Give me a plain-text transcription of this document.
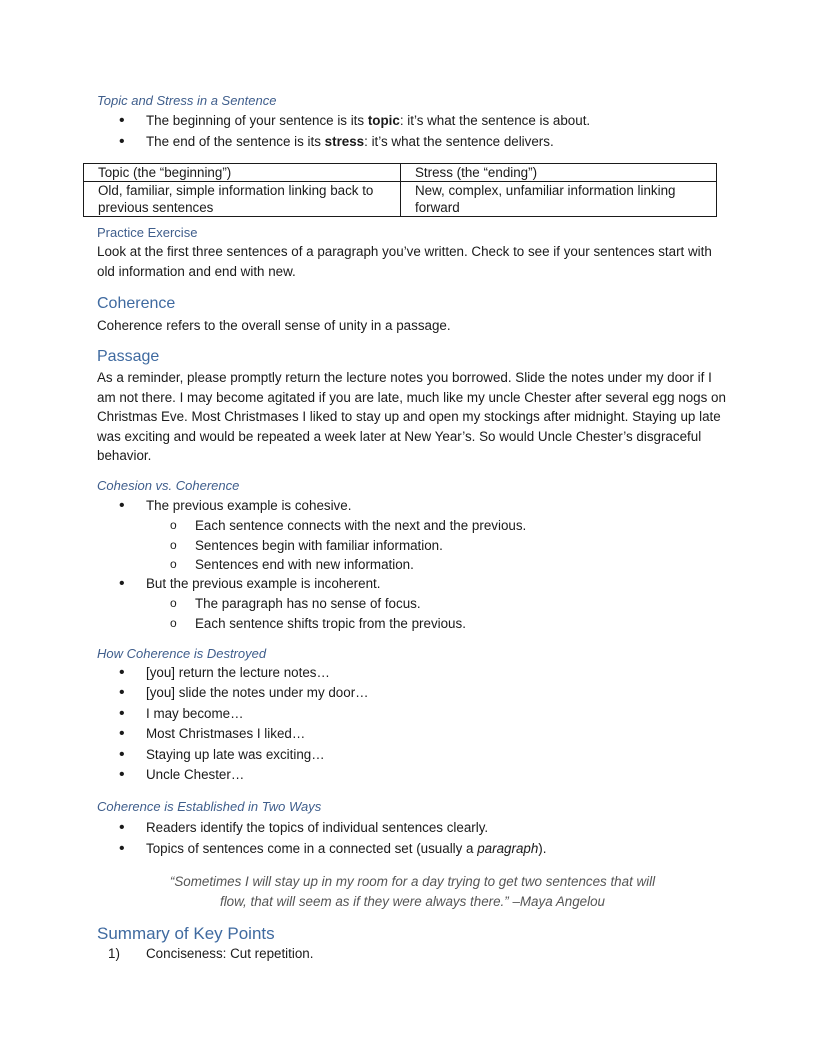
Topic and Stress in a Sentence
• The beginning of your sentence is its topic: it’s what the sentence is about.
• The end of the sentence is its stress: it’s what the sentence delivers.
Topic (the “beginning”)	Stress (the “ending”)
Old, familiar, simple information linking back to previous sentences	New, complex, unfamiliar information linking forward
Practice Exercise
Look at the first three sentences of a paragraph you’ve written. Check to see if your sentences start with old information and end with new.
Coherence
Coherence refers to the overall sense of unity in a passage.
Passage
As a reminder, please promptly return the lecture notes you borrowed. Slide the notes under my door if I am not there. I may become agitated if you are late, much like my uncle Chester after several egg nogs on Christmas Eve. Most Christmases I liked to stay up and open my stockings after midnight. Staying up late was exciting and would be repeated a week later at New Year’s. So would Uncle Chester’s disgraceful behavior.
Cohesion vs. Coherence
• The previous example is cohesive.
o Each sentence connects with the next and the previous.
o Sentences begin with familiar information.
o Sentences end with new information.
• But the previous example is incoherent.
o The paragraph has no sense of focus.
o Each sentence shifts tropic from the previous.
How Coherence is Destroyed
• [you] return the lecture notes…
• [you] slide the notes under my door…
• I may become…
• Most Christmases I liked…
• Staying up late was exciting…
• Uncle Chester…
Coherence is Established in Two Ways
• Readers identify the topics of individual sentences clearly.
• Topics of sentences come in a connected set (usually a paragraph).
“Sometimes I will stay up in my room for a day trying to get two sentences that will
flow, that will seem as if they were always there.” –Maya Angelou
Summary of Key Points
1) Conciseness: Cut repetition.
